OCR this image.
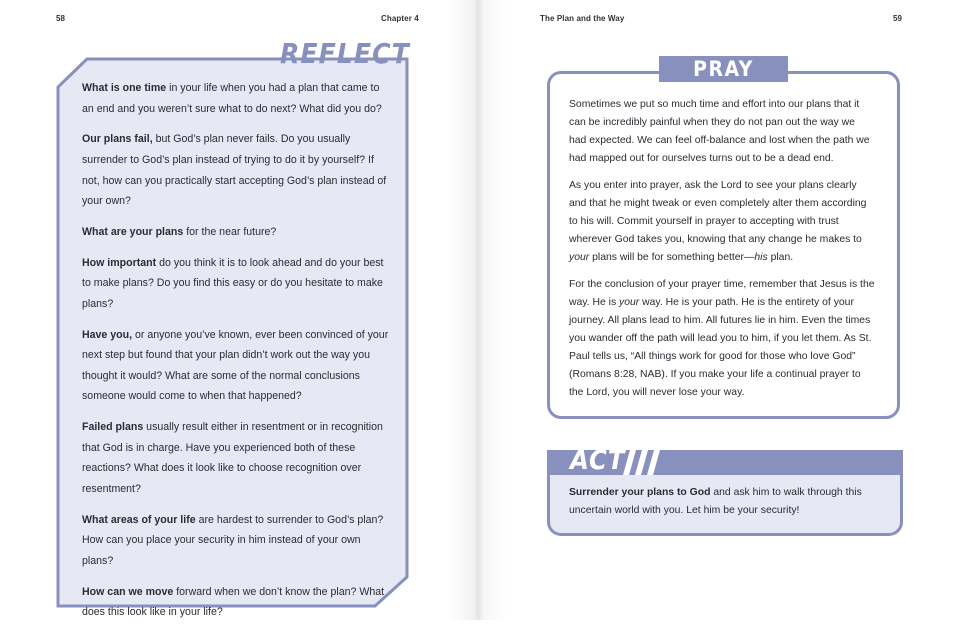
58	Chapter 4
REFLECT

What is one time in your life when you had a plan that came to an end and you weren’t sure what to do next? What did you do?

Our plans fail, but God’s plan never fails. Do you usually surrender to God’s plan instead of trying to do it by yourself? If not, how can you practically start accepting God’s plan instead of your own?

What are your plans for the near future?

How important do you think it is to look ahead and do your best to make plans? Do you find this easy or do you hesitate to make plans?

Have you, or anyone you’ve known, ever been convinced of your next step but found that your plan didn’t work out the way you thought it would? What are some of the normal conclusions someone would come to when that happened?

Failed plans usually result either in resentment or in recognition that God is in charge. Have you experienced both of these reactions? What does it look like to choose recognition over resentment?

What areas of your life are hardest to surrender to God’s plan? How can you place your security in him instead of your own plans?

How can we move forward when we don’t know the plan? What does this look like in your life?

The Plan and the Way	59
PRAY

Sometimes we put so much time and effort into our plans that it can be incredibly painful when they do not pan out the way we had expected. We can feel off-balance and lost when the path we had mapped out for ourselves turns out to be a dead end.

As you enter into prayer, ask the Lord to see your plans clearly and that he might tweak or even completely alter them according to his will. Commit yourself in prayer to accepting with trust wherever God takes you, knowing that any change he makes to your plans will be for something better—his plan.

For the conclusion of your prayer time, remember that Jesus is the way. He is your way. He is your path. He is the entirety of your journey. All plans lead to him. All futures lie in him. Even the times you wander off the path will lead you to him, if you let them. As St. Paul tells us, “All things work for good for those who love God” (Romans 8:28, NAB). If you make your life a continual prayer to the Lord, you will never lose your way.

ACT

Surrender your plans to God and ask him to walk through this uncertain world with you. Let him be your security!
